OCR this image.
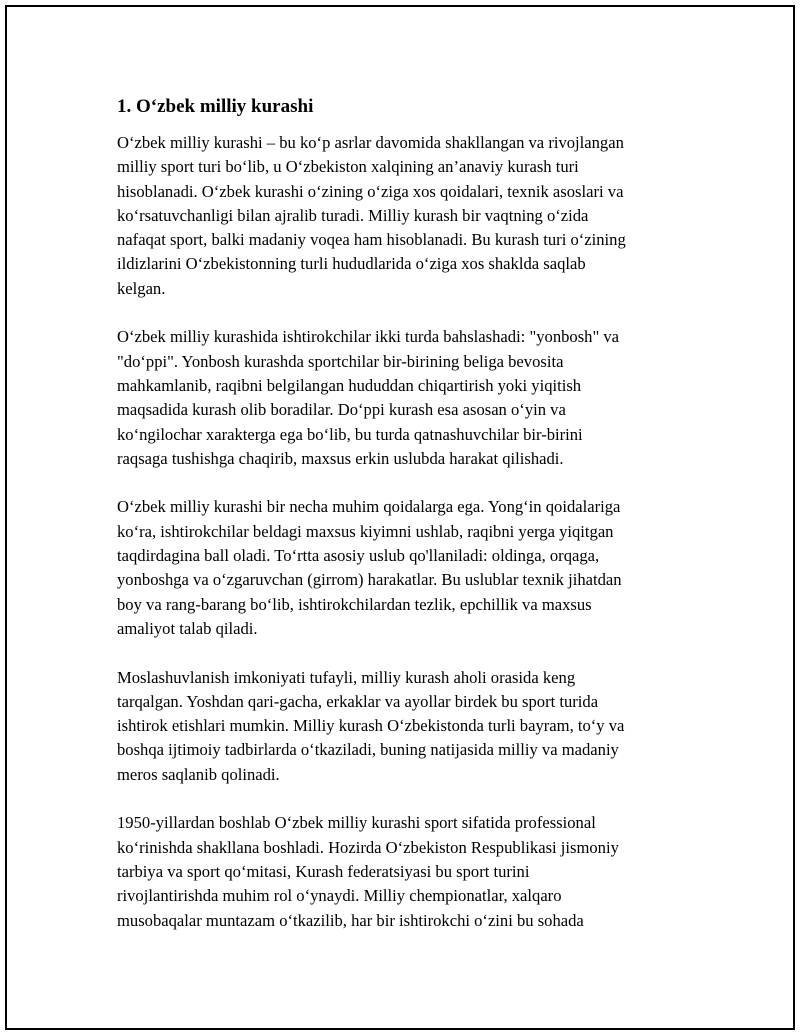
1. O‘zbek milliy kurashi

O‘zbek milliy kurashi – bu ko‘p asrlar davomida shakllangan va rivojlangan
milliy sport turi bo‘lib, u O‘zbekiston xalqining an’anaviy kurash turi
hisoblanadi. O‘zbek kurashi o‘zining o‘ziga xos qoidalari, texnik asoslari va
ko‘rsatuvchanligi bilan ajralib turadi. Milliy kurash bir vaqtning o‘zida
nafaqat sport, balki madaniy voqea ham hisoblanadi. Bu kurash turi o‘zining
ildizlarini O‘zbekistonning turli hududlarida o‘ziga xos shaklda saqlab
kelgan.

O‘zbek milliy kurashida ishtirokchilar ikki turda bahslashadi: "yonbosh" va
"do‘ppi". Yonbosh kurashda sportchilar bir-birining beliga bevosita
mahkamlanib, raqibni belgilangan hududdan chiqartirish yoki yiqitish
maqsadida kurash olib boradilar. Do‘ppi kurash esa asosan o‘yin va
ko‘ngilochar xarakterga ega bo‘lib, bu turda qatnashuvchilar bir-birini
raqsaga tushishga chaqirib, maxsus erkin uslubda harakat qilishadi.

O‘zbek milliy kurashi bir necha muhim qoidalarga ega. Yong‘in qoidalariga
ko‘ra, ishtirokchilar beldagi maxsus kiyimni ushlab, raqibni yerga yiqitgan
taqdirdagina ball oladi. To‘rtta asosiy uslub qo'llaniladi: oldinga, orqaga,
yonboshga va o‘zgaruvchan (girrom) harakatlar. Bu uslublar texnik jihatdan
boy va rang-barang bo‘lib, ishtirokchilardan tezlik, epchillik va maxsus
amaliyot talab qiladi.

Moslashuvlanish imkoniyati tufayli, milliy kurash aholi orasida keng
tarqalgan. Yoshdan qari-gacha, erkaklar va ayollar birdek bu sport turida
ishtirok etishlari mumkin. Milliy kurash O‘zbekistonda turli bayram, to‘y va
boshqa ijtimoiy tadbirlarda o‘tkaziladi, buning natijasida milliy va madaniy
meros saqlanib qolinadi.

1950-yillardan boshlab O‘zbek milliy kurashi sport sifatida professional
ko‘rinishda shakllana boshladi. Hozirda O‘zbekiston Respublikasi jismoniy
tarbiya va sport qo‘mitasi, Kurash federatsiyasi bu sport turini
rivojlantirishda muhim rol o‘ynaydi. Milliy chempionatlar, xalqaro
musobaqalar muntazam o‘tkazilib, har bir ishtirokchi o‘zini bu sohada
